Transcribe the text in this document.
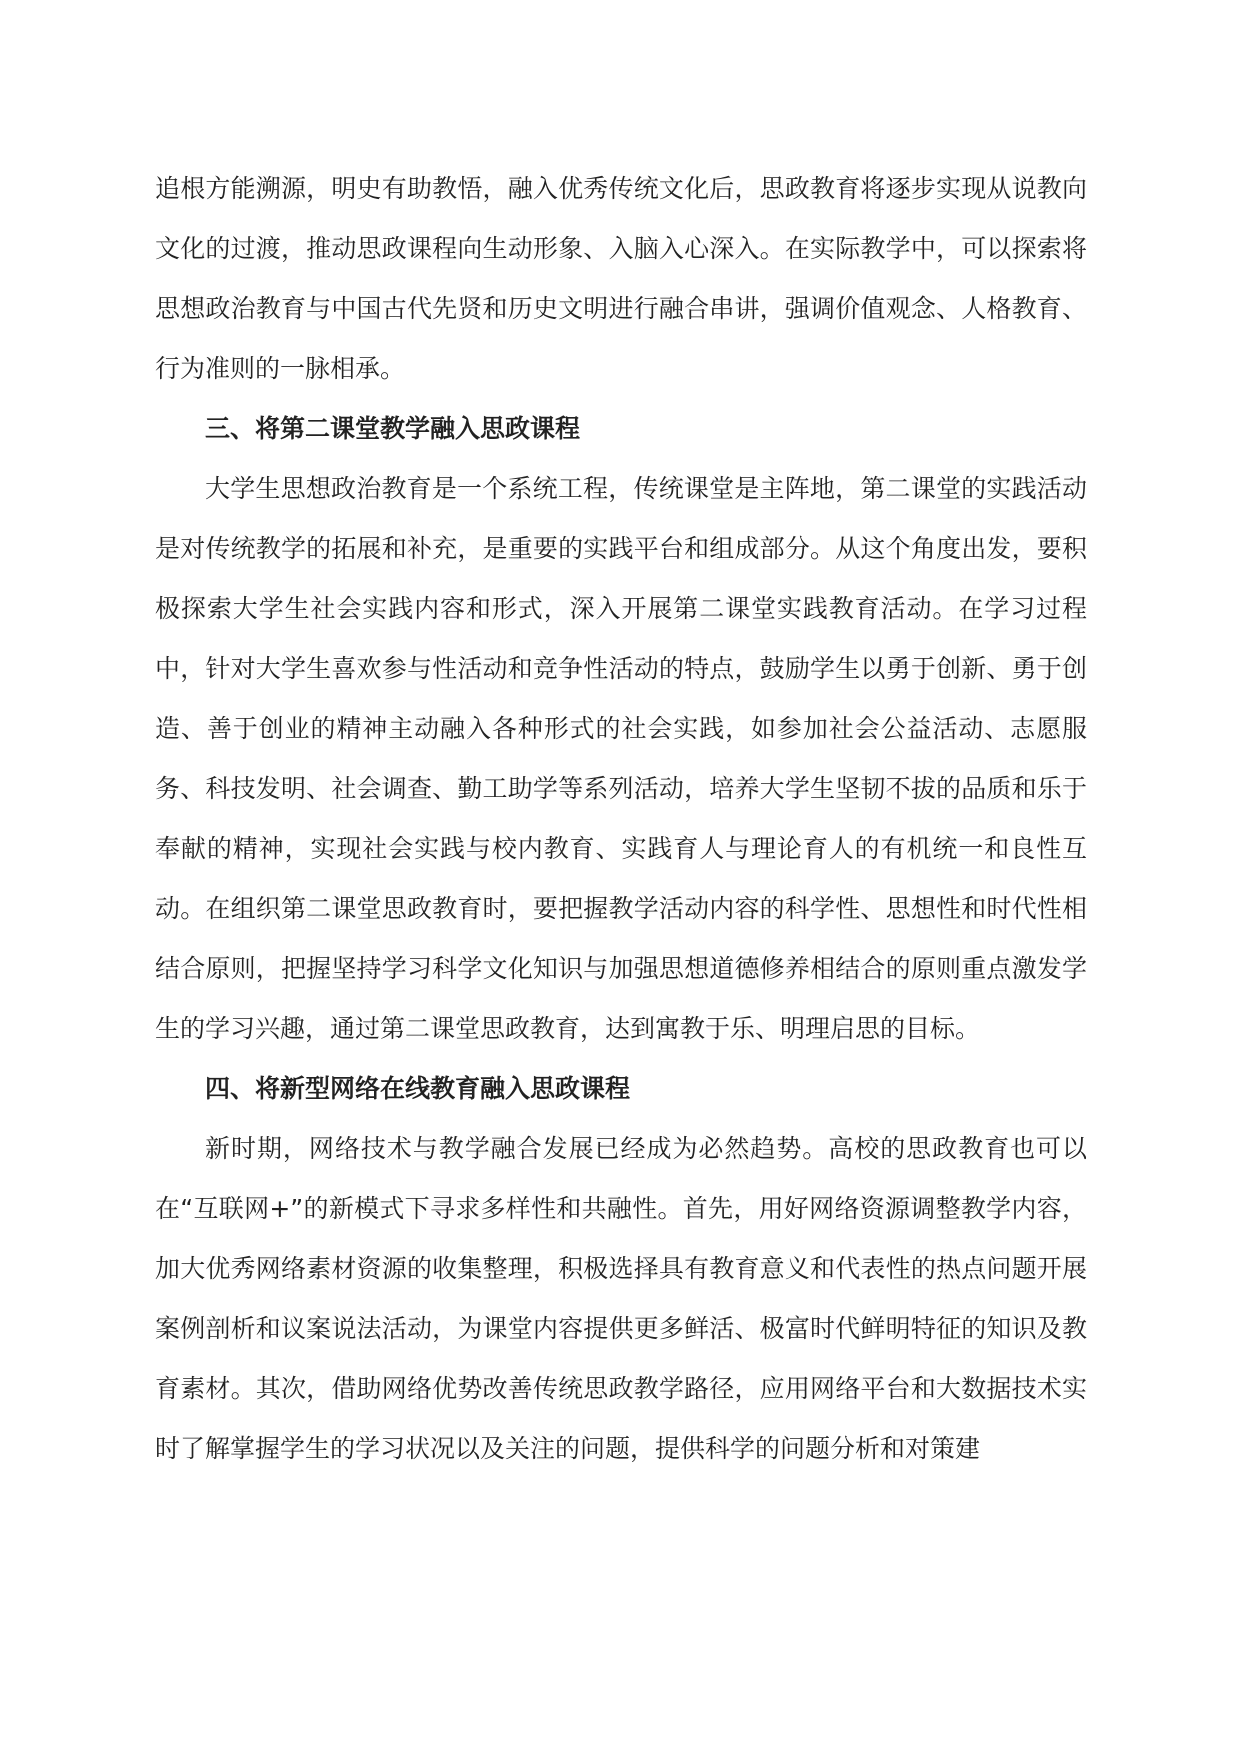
追根方能溯源，明史有助教悟，融入优秀传统文化后，思政教育将逐步实现从说教向文化的过渡，推动思政课程向生动形象、入脑入心深入。在实际教学中，可以探索将思想政治教育与中国古代先贤和历史文明进行融合串讲，强调价值观念、人格教育、行为准则的一脉相承。

三、将第二课堂教学融入思政课程

大学生思想政治教育是一个系统工程，传统课堂是主阵地，第二课堂的实践活动是对传统教学的拓展和补充，是重要的实践平台和组成部分。从这个角度出发，要积极探索大学生社会实践内容和形式，深入开展第二课堂实践教育活动。在学习过程中，针对大学生喜欢参与性活动和竞争性活动的特点，鼓励学生以勇于创新、勇于创造、善于创业的精神主动融入各种形式的社会实践，如参加社会公益活动、志愿服务、科技发明、社会调查、勤工助学等系列活动，培养大学生坚韧不拔的品质和乐于奉献的精神，实现社会实践与校内教育、实践育人与理论育人的有机统一和良性互动。在组织第二课堂思政教育时，要把握教学活动内容的科学性、思想性和时代性相结合原则，把握坚持学习科学文化知识与加强思想道德修养相结合的原则重点激发学生的学习兴趣，通过第二课堂思政教育，达到寓教于乐、明理启思的目标。

四、将新型网络在线教育融入思政课程

新时期，网络技术与教学融合发展已经成为必然趋势。高校的思政教育也可以在“互联网+”的新模式下寻求多样性和共融性。首先，用好网络资源调整教学内容，加大优秀网络素材资源的收集整理，积极选择具有教育意义和代表性的热点问题开展案例剖析和议案说法活动，为课堂内容提供更多鲜活、极富时代鲜明特征的知识及教育素材。其次，借助网络优势改善传统思政教学路径，应用网络平台和大数据技术实时了解掌握学生的学习状况以及关注的问题，提供科学的问题分析和对策建
